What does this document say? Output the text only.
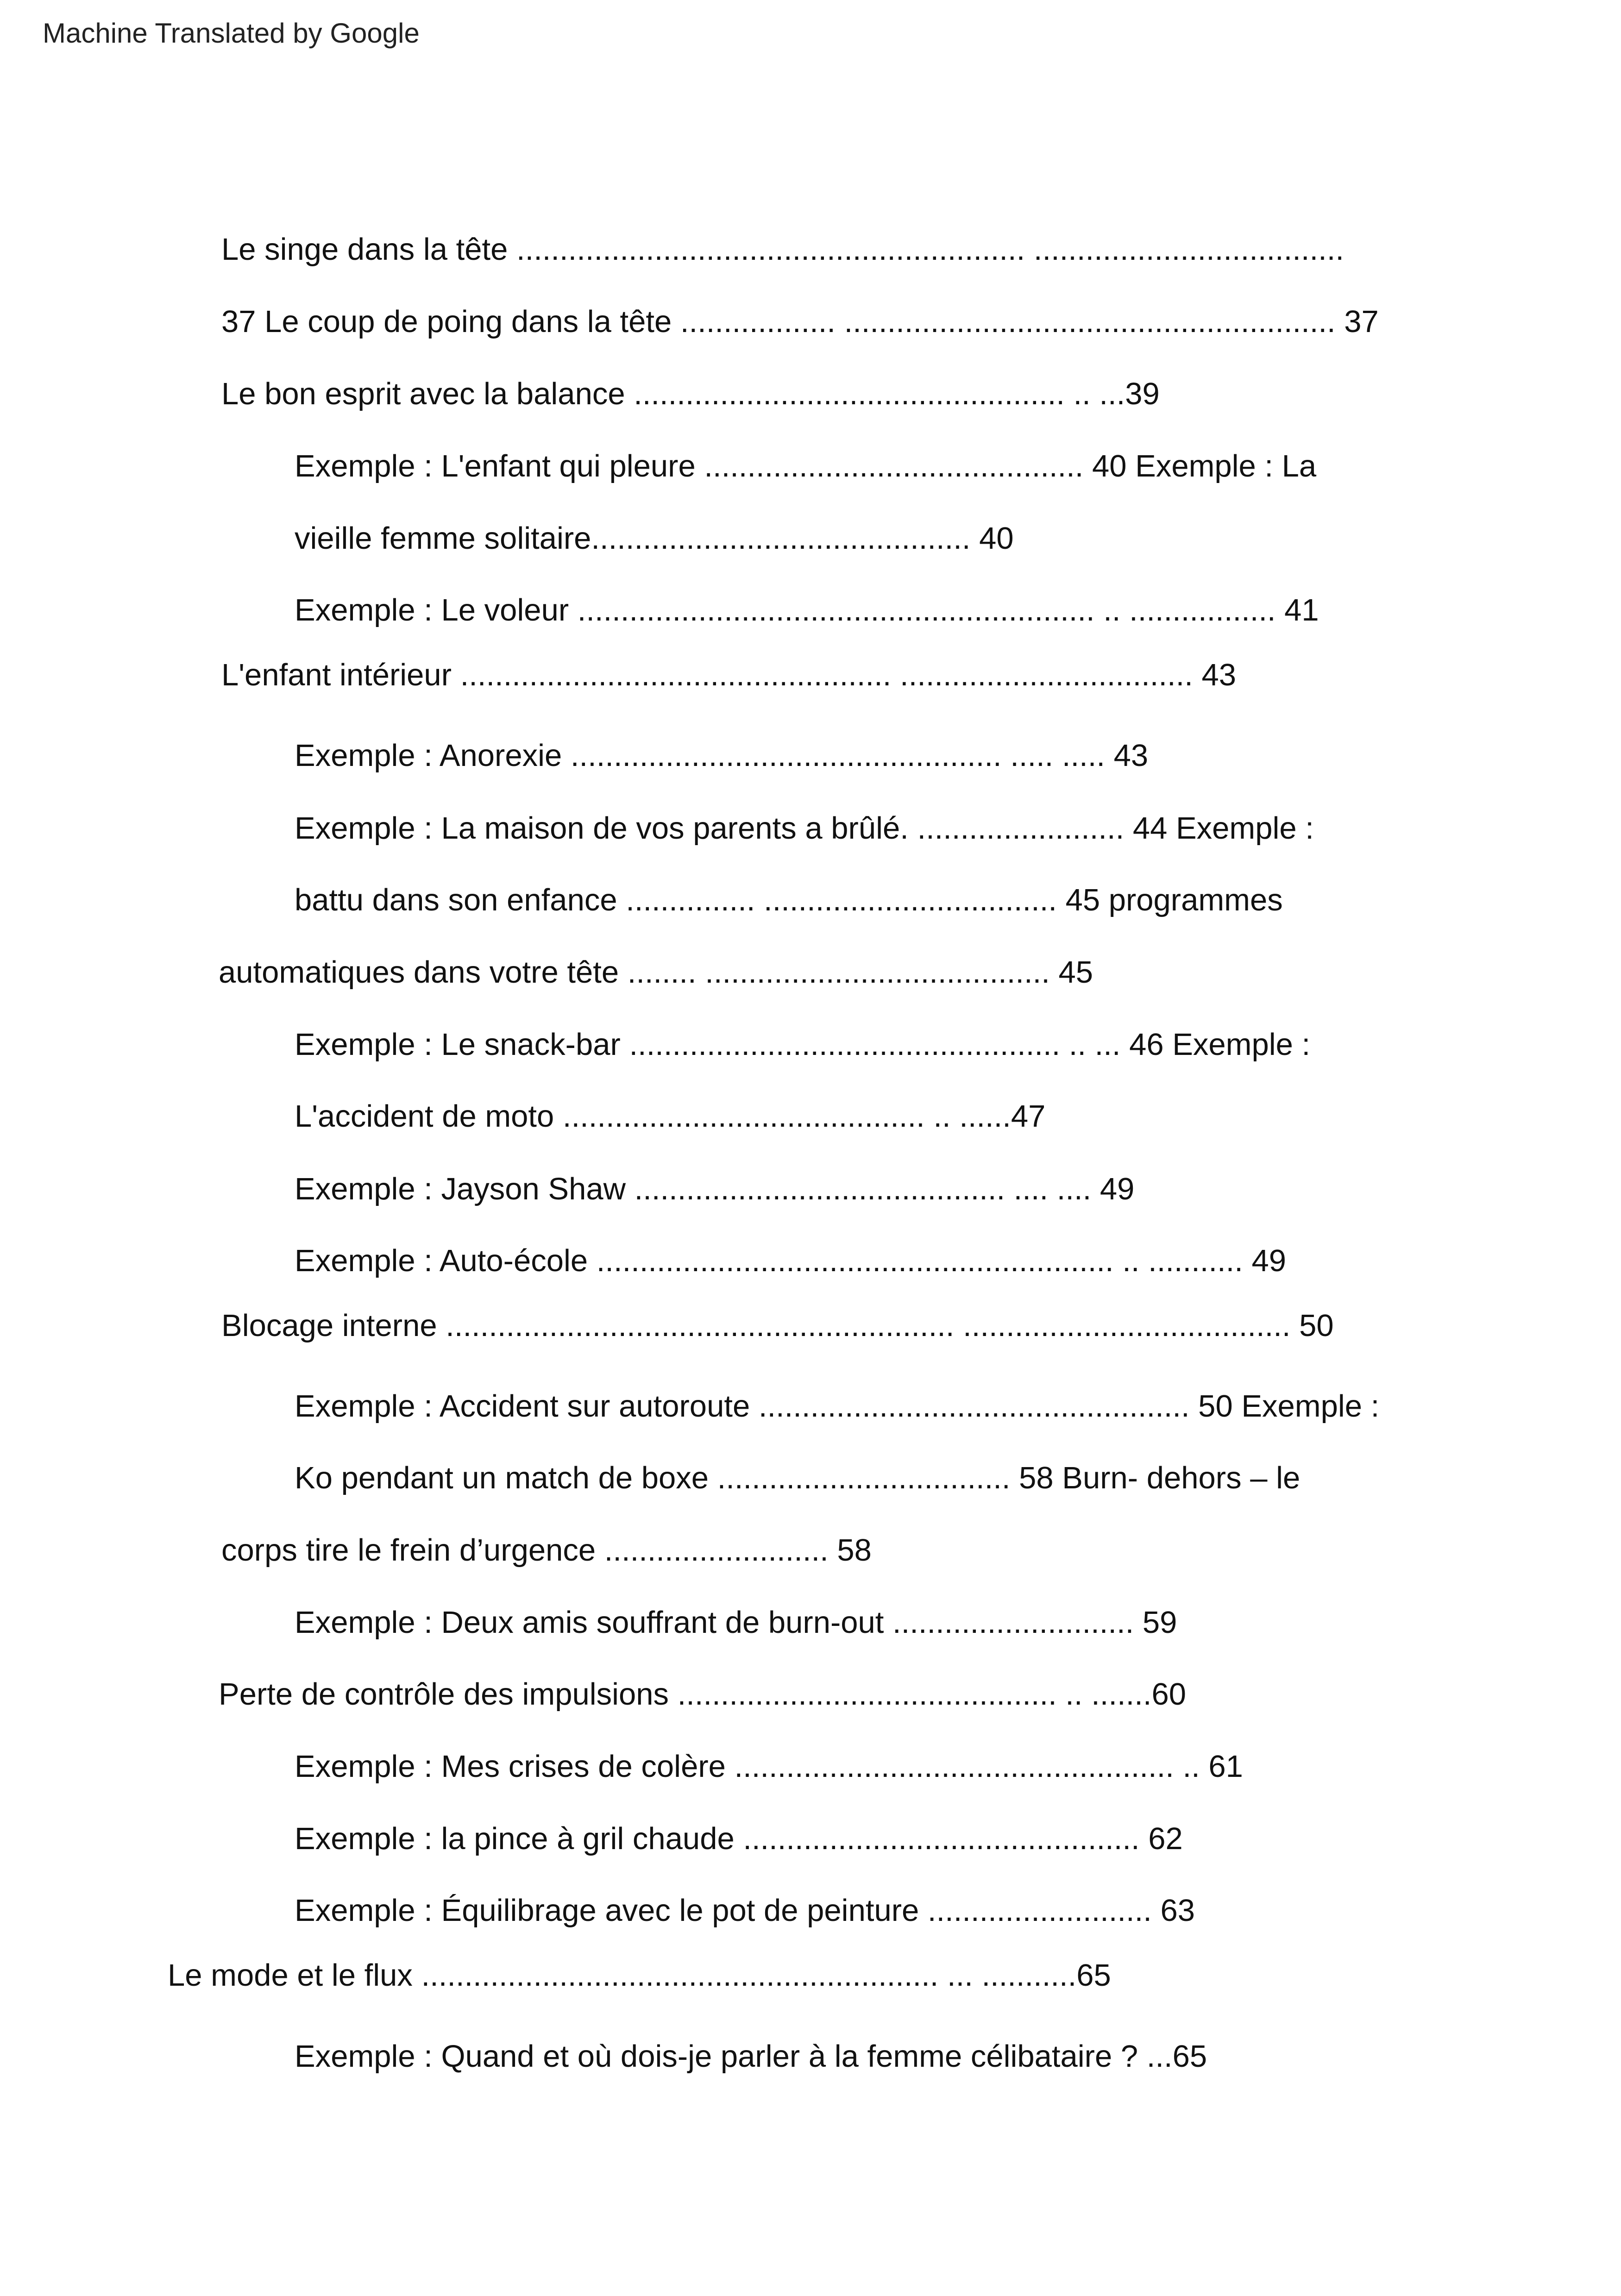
Machine Translated by Google
Le singe dans la tête ........................................................... ....................................
37 Le coup de poing dans la tête .................. ......................................................... 37
Le bon esprit avec la balance .................................................. .. ...39
Exemple : L'enfant qui pleure ............................................ 40 Exemple : La
vieille femme solitaire............................................ 40
Exemple : Le voleur ............................................................ .. ................. 41
L'enfant intérieur .................................................. .................................. 43
Exemple : Anorexie .................................................. ..... ..... 43
Exemple : La maison de vos parents a brûlé. ........................ 44 Exemple :
battu dans son enfance ............... .................................. 45 programmes
automatiques dans votre tête ........ ........................................ 45
Exemple : Le snack-bar .................................................. .. ... 46 Exemple :
L'accident de moto .......................................... .. ......47
Exemple : Jayson Shaw ........................................... .... .... 49
Exemple : Auto-école ............................................................ .. ........... 49
Blocage interne ........................................................... ...................................... 50
Exemple : Accident sur autoroute .................................................. 50 Exemple :
Ko pendant un match de boxe .................................. 58 Burn- dehors – le
corps tire le frein d’urgence .......................... 58
Exemple : Deux amis souffrant de burn-out ............................ 59
Perte de contrôle des impulsions ............................................ .. .......60
Exemple : Mes crises de colère ................................................... .. 61
Exemple : la pince à gril chaude .............................................. 62
Exemple : Équilibrage avec le pot de peinture .......................... 63
Le mode et le flux ............................................................ ... ...........65
Exemple : Quand et où dois-je parler à la femme célibataire ? ...65
